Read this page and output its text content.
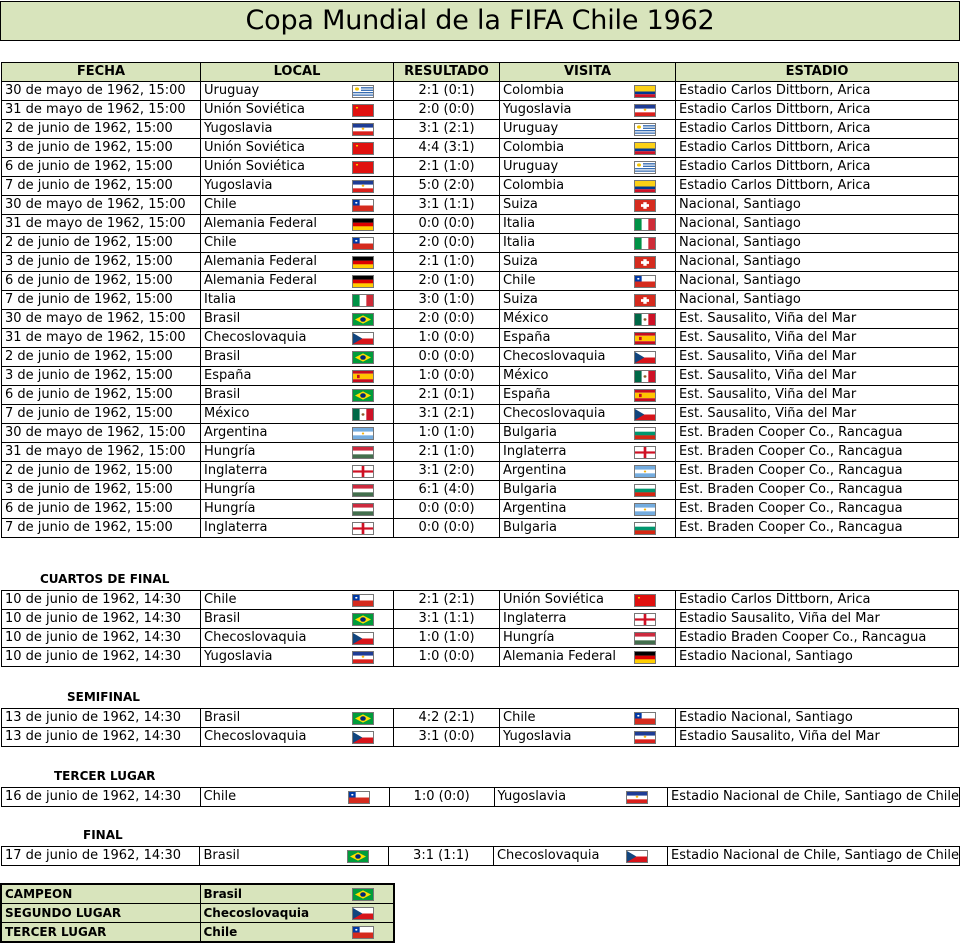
Copa Mundial de la FIFA Chile 1962
FECHA	LOCAL	RESULTADO	VISITA	ESTADIO
30 de mayo de 1962, 15:00	Uruguay	2:1 (0:1)	Colombia	Estadio Carlos Dittborn, Arica
31 de mayo de 1962, 15:00	Unión Soviética	2:0 (0:0)	Yugoslavia	Estadio Carlos Dittborn, Arica
2 de junio de 1962, 15:00	Yugoslavia	3:1 (2:1)	Uruguay	Estadio Carlos Dittborn, Arica
3 de junio de 1962, 15:00	Unión Soviética	4:4 (3:1)	Colombia	Estadio Carlos Dittborn, Arica
6 de junio de 1962, 15:00	Unión Soviética	2:1 (1:0)	Uruguay	Estadio Carlos Dittborn, Arica
7 de junio de 1962, 15:00	Yugoslavia	5:0 (2:0)	Colombia	Estadio Carlos Dittborn, Arica
30 de mayo de 1962, 15:00	Chile	3:1 (1:1)	Suiza	Nacional, Santiago
31 de mayo de 1962, 15:00	Alemania Federal	0:0 (0:0)	Italia	Nacional, Santiago
2 de junio de 1962, 15:00	Chile	2:0 (0:0)	Italia	Nacional, Santiago
3 de junio de 1962, 15:00	Alemania Federal	2:1 (1:0)	Suiza	Nacional, Santiago
6 de junio de 1962, 15:00	Alemania Federal	2:0 (1:0)	Chile	Nacional, Santiago
7 de junio de 1962, 15:00	Italia	3:0 (1:0)	Suiza	Nacional, Santiago
30 de mayo de 1962, 15:00	Brasil	2:0 (0:0)	México	Est. Sausalito, Viña del Mar
31 de mayo de 1962, 15:00	Checoslovaquia	1:0 (0:0)	España	Est. Sausalito, Viña del Mar
2 de junio de 1962, 15:00	Brasil	0:0 (0:0)	Checoslovaquia	Est. Sausalito, Viña del Mar
3 de junio de 1962, 15:00	España	1:0 (0:0)	México	Est. Sausalito, Viña del Mar
6 de junio de 1962, 15:00	Brasil	2:1 (0:1)	España	Est. Sausalito, Viña del Mar
7 de junio de 1962, 15:00	México	3:1 (2:1)	Checoslovaquia	Est. Sausalito, Viña del Mar
30 de mayo de 1962, 15:00	Argentina	1:0 (1:0)	Bulgaria	Est. Braden Cooper Co., Rancagua
31 de mayo de 1962, 15:00	Hungría	2:1 (1:0)	Inglaterra	Est. Braden Cooper Co., Rancagua
2 de junio de 1962, 15:00	Inglaterra	3:1 (2:0)	Argentina	Est. Braden Cooper Co., Rancagua
3 de junio de 1962, 15:00	Hungría	6:1 (4:0)	Bulgaria	Est. Braden Cooper Co., Rancagua
6 de junio de 1962, 15:00	Hungría	0:0 (0:0)	Argentina	Est. Braden Cooper Co., Rancagua
7 de junio de 1962, 15:00	Inglaterra	0:0 (0:0)	Bulgaria	Est. Braden Cooper Co., Rancagua
CUARTOS DE FINAL
10 de junio de 1962, 14:30	Chile	2:1 (2:1)	Unión Soviética	Estadio Carlos Dittborn, Arica
10 de junio de 1962, 14:30	Brasil	3:1 (1:1)	Inglaterra	Estadio Sausalito, Viña del Mar
10 de junio de 1962, 14:30	Checoslovaquia	1:0 (1:0)	Hungría	Estadio Braden Cooper Co., Rancagua
10 de junio de 1962, 14:30	Yugoslavia	1:0 (0:0)	Alemania Federal	Estadio Nacional, Santiago
SEMIFINAL
13 de junio de 1962, 14:30	Brasil	4:2 (2:1)	Chile	Estadio Nacional, Santiago
13 de junio de 1962, 14:30	Checoslovaquia	3:1 (0:0)	Yugoslavia	Estadio Sausalito, Viña del Mar
TERCER LUGAR
16 de junio de 1962, 14:30	Chile	1:0 (0:0)	Yugoslavia	Estadio Nacional de Chile, Santiago de Chile
FINAL
17 de junio de 1962, 14:30	Brasil	3:1 (1:1)	Checoslovaquia	Estadio Nacional de Chile, Santiago de Chile
CAMPEON	Brasil

SEGUNDO LUGAR	Checoslovaquia

TERCER LUGAR	Chile
